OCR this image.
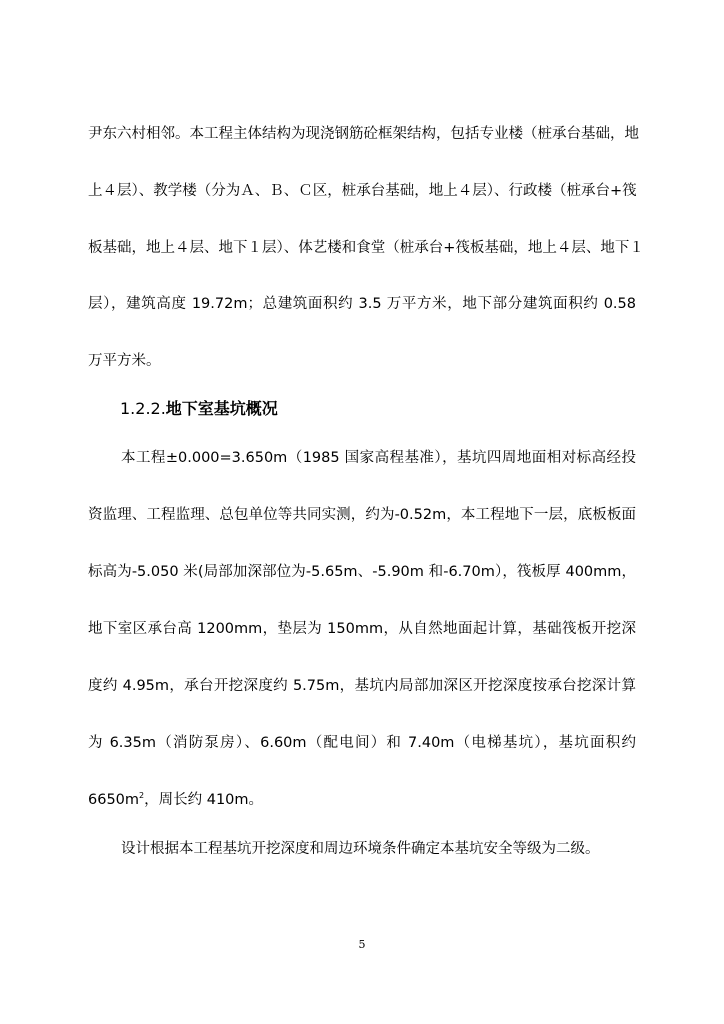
尹东六村相邻。本工程主体结构为现浇钢筋砼框架结构，包括专业楼（桩承台基础，地
上４层）、教学楼（分为Ａ、Ｂ、Ｃ区，桩承台基础，地上４层）、行政楼（桩承台+筏
板基础，地上４层、地下１层）、体艺楼和食堂（桩承台+筏板基础，地上４层、地下１
层），建筑高度 19.72m；总建筑面积约 3.5 万平方米，地下部分建筑面积约 0.58
万平方米。
1.2.2.地下室基坑概况
本工程±0.000=3.650m（1985 国家高程基准），基坑四周地面相对标高经投
资监理、工程监理、总包单位等共同实测，约为-0.52m，本工程地下一层，底板板面
标高为-5.050 米(局部加深部位为-5.65m、-5.90m 和-6.70m），筏板厚 400mm，
地下室区承台高 1200mm，垫层为 150mm，从自然地面起计算，基础筏板开挖深
度约 4.95m，承台开挖深度约 5.75m，基坑内局部加深区开挖深度按承台挖深计算
为 6.35m（消防泵房）、6.60m（配电间）和 7.40m（电梯基坑），基坑面积约
$6650m^2$，周长约 410m。
设计根据本工程基坑开挖深度和周边环境条件确定本基坑安全等级为二级。
5
